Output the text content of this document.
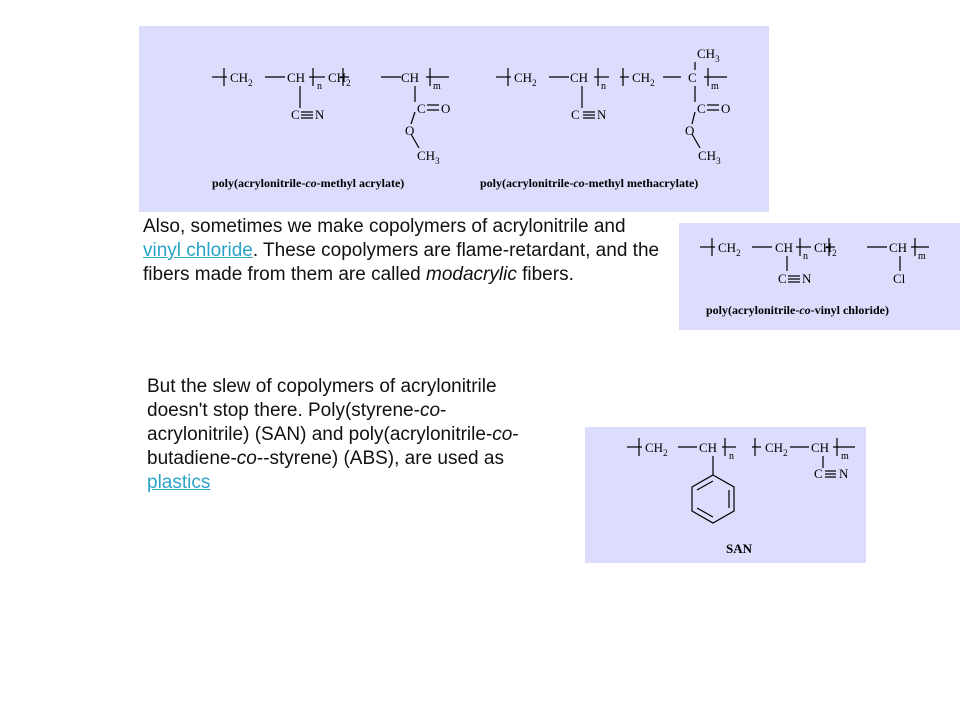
$CH_2$	CH
n
$CH_2$	CH
m
C N	C O
O
$CH_3$
$CH_2$	CH
n
$CH_2$	C
m
$CH_3$
C N	C O
O
$CH_3$
poly(acrylonitrile-co-methyl acrylate)	poly(acrylonitrile-co-methyl methacrylate)
Also, sometimes we make copolymers of acrylonitrile and vinyl chloride. These copolymers are flame-retardant, and the fibers made from them are called modacrylic fibers.
$CH_2$	CH
n
$CH_2$	CH
m
C N	Cl
poly(acrylonitrile-co-vinyl chloride)
But the slew of copolymers of acrylonitrile doesn't stop there. Poly(styrene-co-acrylonitrile) (SAN) and poly(acrylonitrile-co-butadiene-co--styrene) (ABS), are used as plastics
$CH_2$ CH
n
$CH_2$ CH
m
C N
SAN
